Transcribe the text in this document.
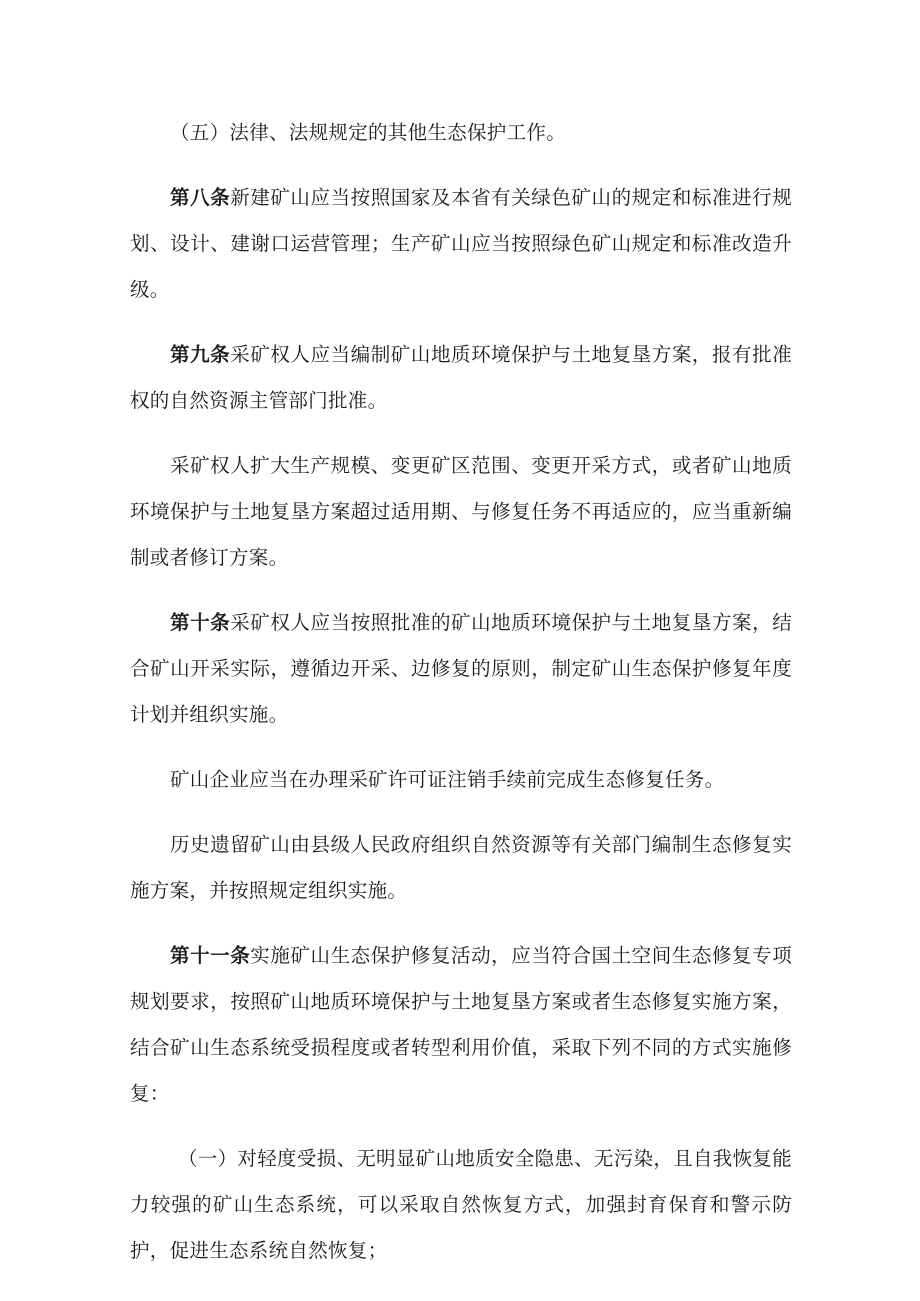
（五）法律、法规规定的其他生态保护工作。

第八条新建矿山应当按照国家及本省有关绿色矿山的规定和标准进行规划、设计、建谢口运营管理；生产矿山应当按照绿色矿山规定和标准改造升级。

第九条采矿权人应当编制矿山地质环境保护与土地复垦方案，报有批准权的自然资源主管部门批准。

采矿权人扩大生产规模、变更矿区范围、变更开采方式，或者矿山地质环境保护与土地复垦方案超过适用期、与修复任务不再适应的，应当重新编制或者修订方案。

第十条采矿权人应当按照批准的矿山地质环境保护与土地复垦方案，结合矿山开采实际，遵循边开采、边修复的原则，制定矿山生态保护修复年度计划并组织实施。

矿山企业应当在办理采矿许可证注销手续前完成生态修复任务。

历史遗留矿山由县级人民政府组织自然资源等有关部门编制生态修复实施方案，并按照规定组织实施。

第十一条实施矿山生态保护修复活动，应当符合国土空间生态修复专项规划要求，按照矿山地质环境保护与土地复垦方案或者生态修复实施方案，结合矿山生态系统受损程度或者转型利用价值，采取下列不同的方式实施修复：

（一）对轻度受损、无明显矿山地质安全隐患、无污染，且自我恢复能力较强的矿山生态系统，可以采取自然恢复方式，加强封育保育和警示防护，促进生态系统自然恢复；
